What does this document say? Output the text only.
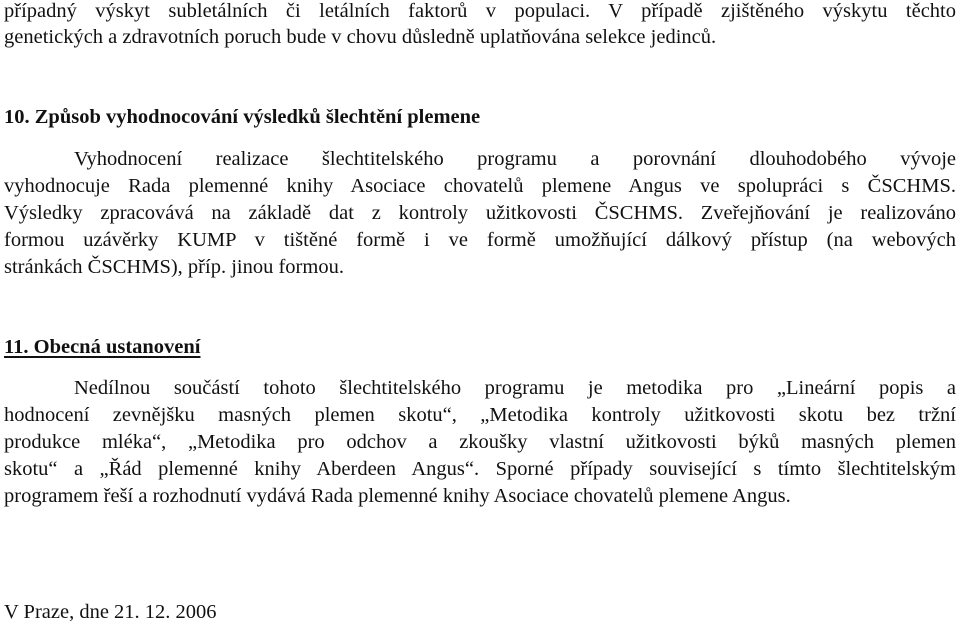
případný výskyt subletálních či letálních faktorů v populaci. V případě zjištěného výskytu těchto
genetických a zdravotních poruch bude v chovu důsledně uplatňována selekce jedinců.
10. Způsob vyhodnocování výsledků šlechtění plemene
Vyhodnocení realizace šlechtitelského programu a porovnání dlouhodobého vývoje
vyhodnocuje Rada plemenné knihy Asociace chovatelů plemene Angus ve spolupráci s ČSCHMS.
Výsledky zpracovává na základě dat z kontroly užitkovosti ČSCHMS. Zveřejňování je realizováno
formou uzávěrky KUMP v tištěné formě i ve formě umožňující dálkový přístup (na webových
stránkách ČSCHMS), příp. jinou formou.
11. Obecná ustanovení
Nedílnou součástí tohoto šlechtitelského programu je metodika pro „Lineární popis a
hodnocení zevnějšku masných plemen skotu“, „Metodika kontroly užitkovosti skotu bez tržní
produkce mléka“, „Metodika pro odchov a zkoušky vlastní užitkovosti býků masných plemen
skotu“ a „Řád plemenné knihy Aberdeen Angus“. Sporné případy související s tímto šlechtitelským
programem řeší a rozhodnutí vydává Rada plemenné knihy Asociace chovatelů plemene Angus.
V Praze, dne 21. 12. 2006
